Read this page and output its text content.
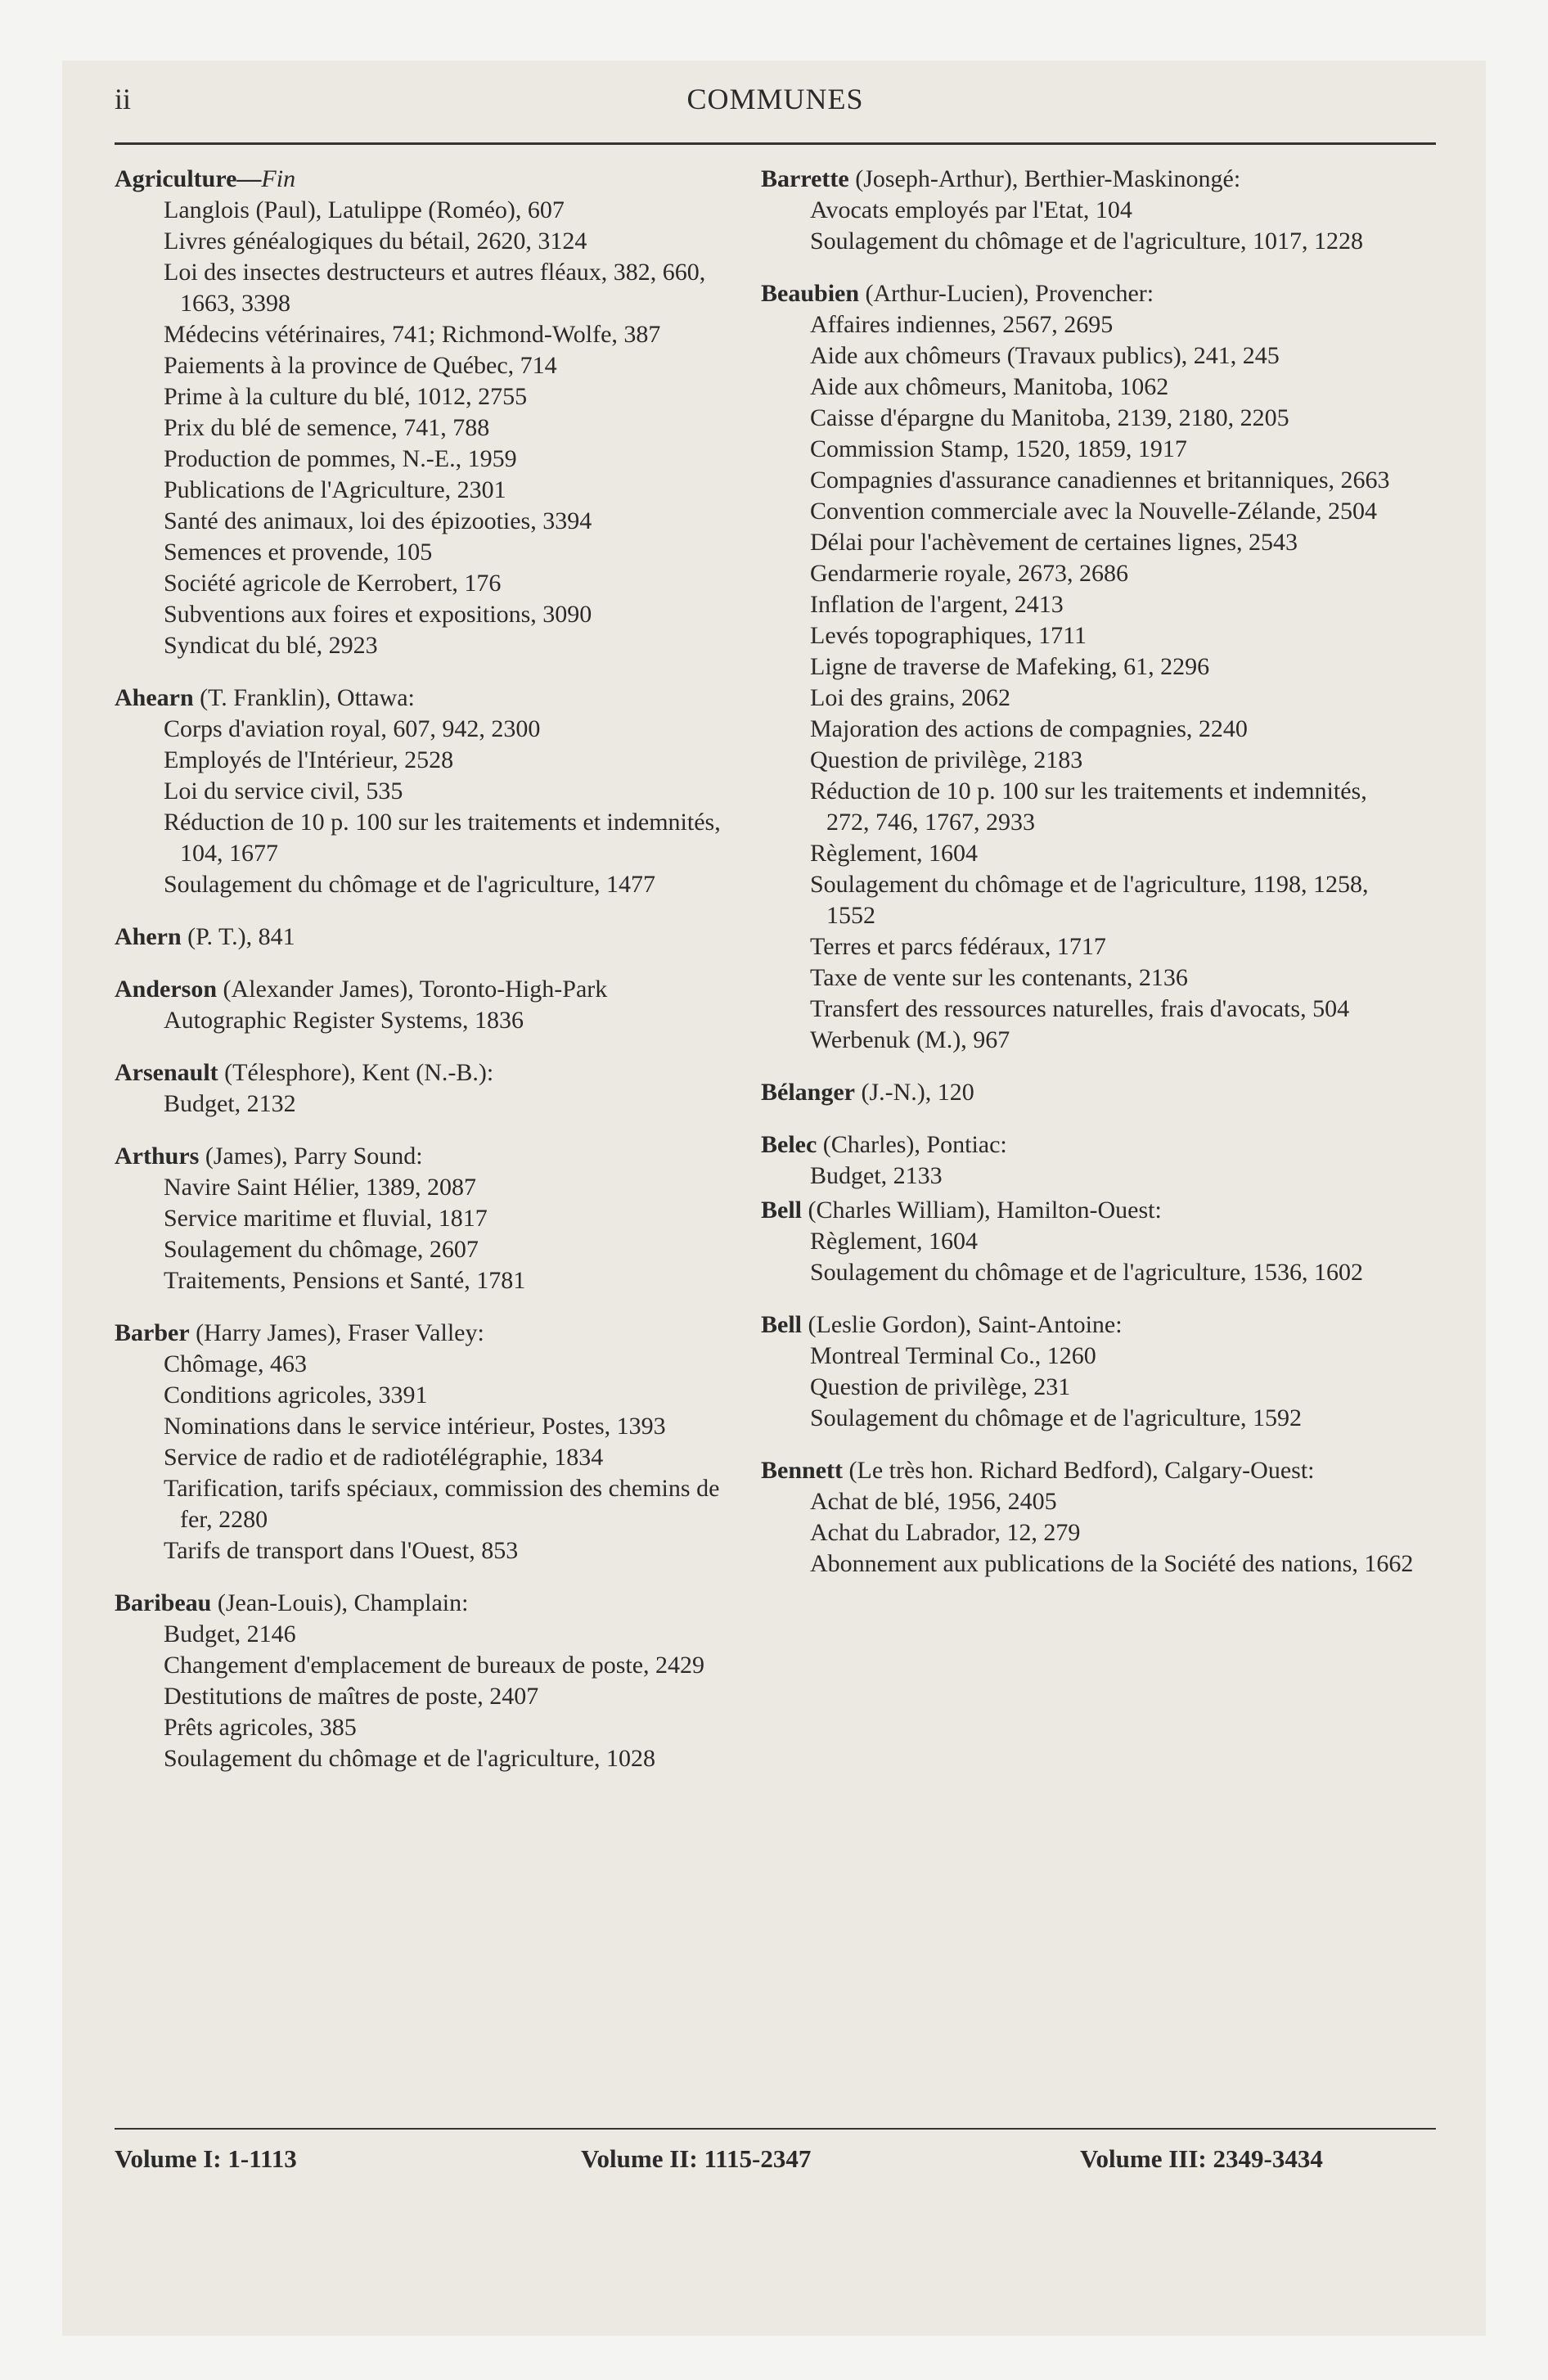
ii	COMMUNES
Agriculture—Fin
Langlois (Paul), Latulippe (Roméo), 607
Livres généalogiques du bétail, 2620, 3124
Loi des insectes destructeurs et autres fléaux, 382, 660, 1663, 3398
Médecins vétérinaires, 741; Richmond-Wolfe, 387
Paiements à la province de Québec, 714
Prime à la culture du blé, 1012, 2755
Prix du blé de semence, 741, 788
Production de pommes, N.-E., 1959
Publications de l'Agriculture, 2301
Santé des animaux, loi des épizooties, 3394
Semences et provende, 105
Société agricole de Kerrobert, 176
Subventions aux foires et expositions, 3090
Syndicat du blé, 2923
Ahearn (T. Franklin), Ottawa:
Corps d'aviation royal, 607, 942, 2300
Employés de l'Intérieur, 2528
Loi du service civil, 535
Réduction de 10 p. 100 sur les traitements et indemnités, 104, 1677
Soulagement du chômage et de l'agriculture, 1477
Ahern (P. T.), 841
Anderson (Alexander James), Toronto-High-Park
Autographic Register Systems, 1836
Arsenault (Télesphore), Kent (N.-B.):
Budget, 2132
Arthurs (James), Parry Sound:
Navire Saint Hélier, 1389, 2087
Service maritime et fluvial, 1817
Soulagement du chômage, 2607
Traitements, Pensions et Santé, 1781
Barber (Harry James), Fraser Valley:
Chômage, 463
Conditions agricoles, 3391
Nominations dans le service intérieur, Postes, 1393
Service de radio et de radiotélégraphie, 1834
Tarification, tarifs spéciaux, commission des chemins de fer, 2280
Tarifs de transport dans l'Ouest, 853
Baribeau (Jean-Louis), Champlain:
Budget, 2146
Changement d'emplacement de bureaux de poste, 2429
Destitutions de maîtres de poste, 2407
Prêts agricoles, 385
Soulagement du chômage et de l'agriculture, 1028
Barrette (Joseph-Arthur), Berthier-Maskinongé:
Avocats employés par l'Etat, 104
Soulagement du chômage et de l'agriculture, 1017, 1228
Beaubien (Arthur-Lucien), Provencher:
Affaires indiennes, 2567, 2695
Aide aux chômeurs (Travaux publics), 241, 245
Aide aux chômeurs, Manitoba, 1062
Caisse d'épargne du Manitoba, 2139, 2180, 2205
Commission Stamp, 1520, 1859, 1917
Compagnies d'assurance canadiennes et britanniques, 2663
Convention commerciale avec la Nouvelle-Zélande, 2504
Délai pour l'achèvement de certaines lignes, 2543
Gendarmerie royale, 2673, 2686
Inflation de l'argent, 2413
Levés topographiques, 1711
Ligne de traverse de Mafeking, 61, 2296
Loi des grains, 2062
Majoration des actions de compagnies, 2240
Question de privilège, 2183
Réduction de 10 p. 100 sur les traitements et indemnités, 272, 746, 1767, 2933
Règlement, 1604
Soulagement du chômage et de l'agriculture, 1198, 1258, 1552
Terres et parcs fédéraux, 1717
Taxe de vente sur les contenants, 2136
Transfert des ressources naturelles, frais d'avocats, 504
Werbenuk (M.), 967
Bélanger (J.-N.), 120
Belec (Charles), Pontiac:
Budget, 2133
Bell (Charles William), Hamilton-Ouest:
Règlement, 1604
Soulagement du chômage et de l'agriculture, 1536, 1602
Bell (Leslie Gordon), Saint-Antoine:
Montreal Terminal Co., 1260
Question de privilège, 231
Soulagement du chômage et de l'agriculture, 1592
Bennett (Le très hon. Richard Bedford), Calgary-Ouest:
Achat de blé, 1956, 2405
Achat du Labrador, 12, 279
Abonnement aux publications de la Société des nations, 1662
Volume I: 1-1113	Volume II: 1115-2347	Volume III: 2349-3434
